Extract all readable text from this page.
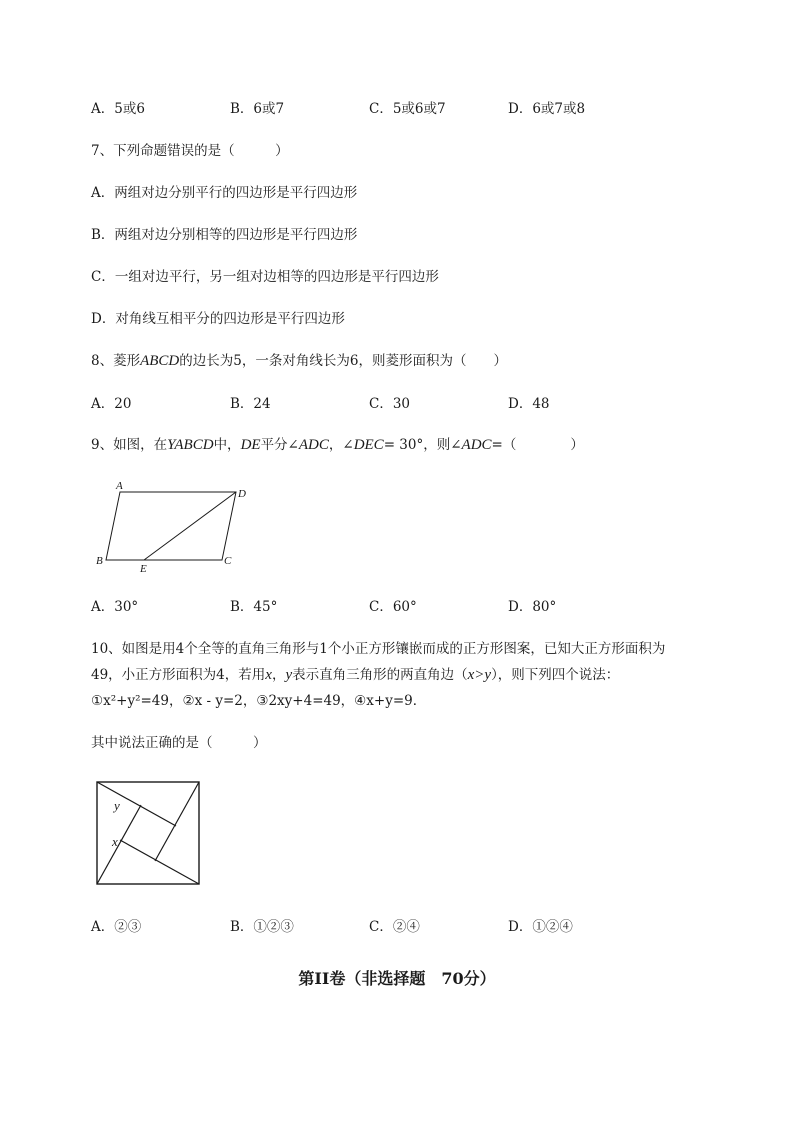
A．5或6	B．6或7	C．5或6或7	D．6或7或8
7、下列命题错误的是（　　　）
A．两组对边分别平行的四边形是平行四边形
B．两组对边分别相等的四边形是平行四边形
C．一组对边平行，另一组对边相等的四边形是平行四边形
D．对角线互相平分的四边形是平行四边形
8、菱形ABCD的边长为5，一条对角线长为6，则菱形面积为（　　）
A．20	B．24	C．30	D．48
9、如图，在YABCD中，DE平分∠ADC，∠DEC= 30°，则∠ADC=（　　　　）
A
D
B	C
E
A．30°	B．45°	C．60°	D．80°
10、如图是用4个全等的直角三角形与1个小正方形镶嵌而成的正方形图案，已知大正方形面积为
49，小正方形面积为4，若用x，y表示直角三角形的两直角边（x>y），则下列四个说法：
①x²+y²=49，②x - y=2，③2xy+4=49，④x+y=9．
其中说法正确的是（　　　）
y
x
A．②③	B．①②③	C．②④	D．①②④
第II卷（非选择题　70分）
